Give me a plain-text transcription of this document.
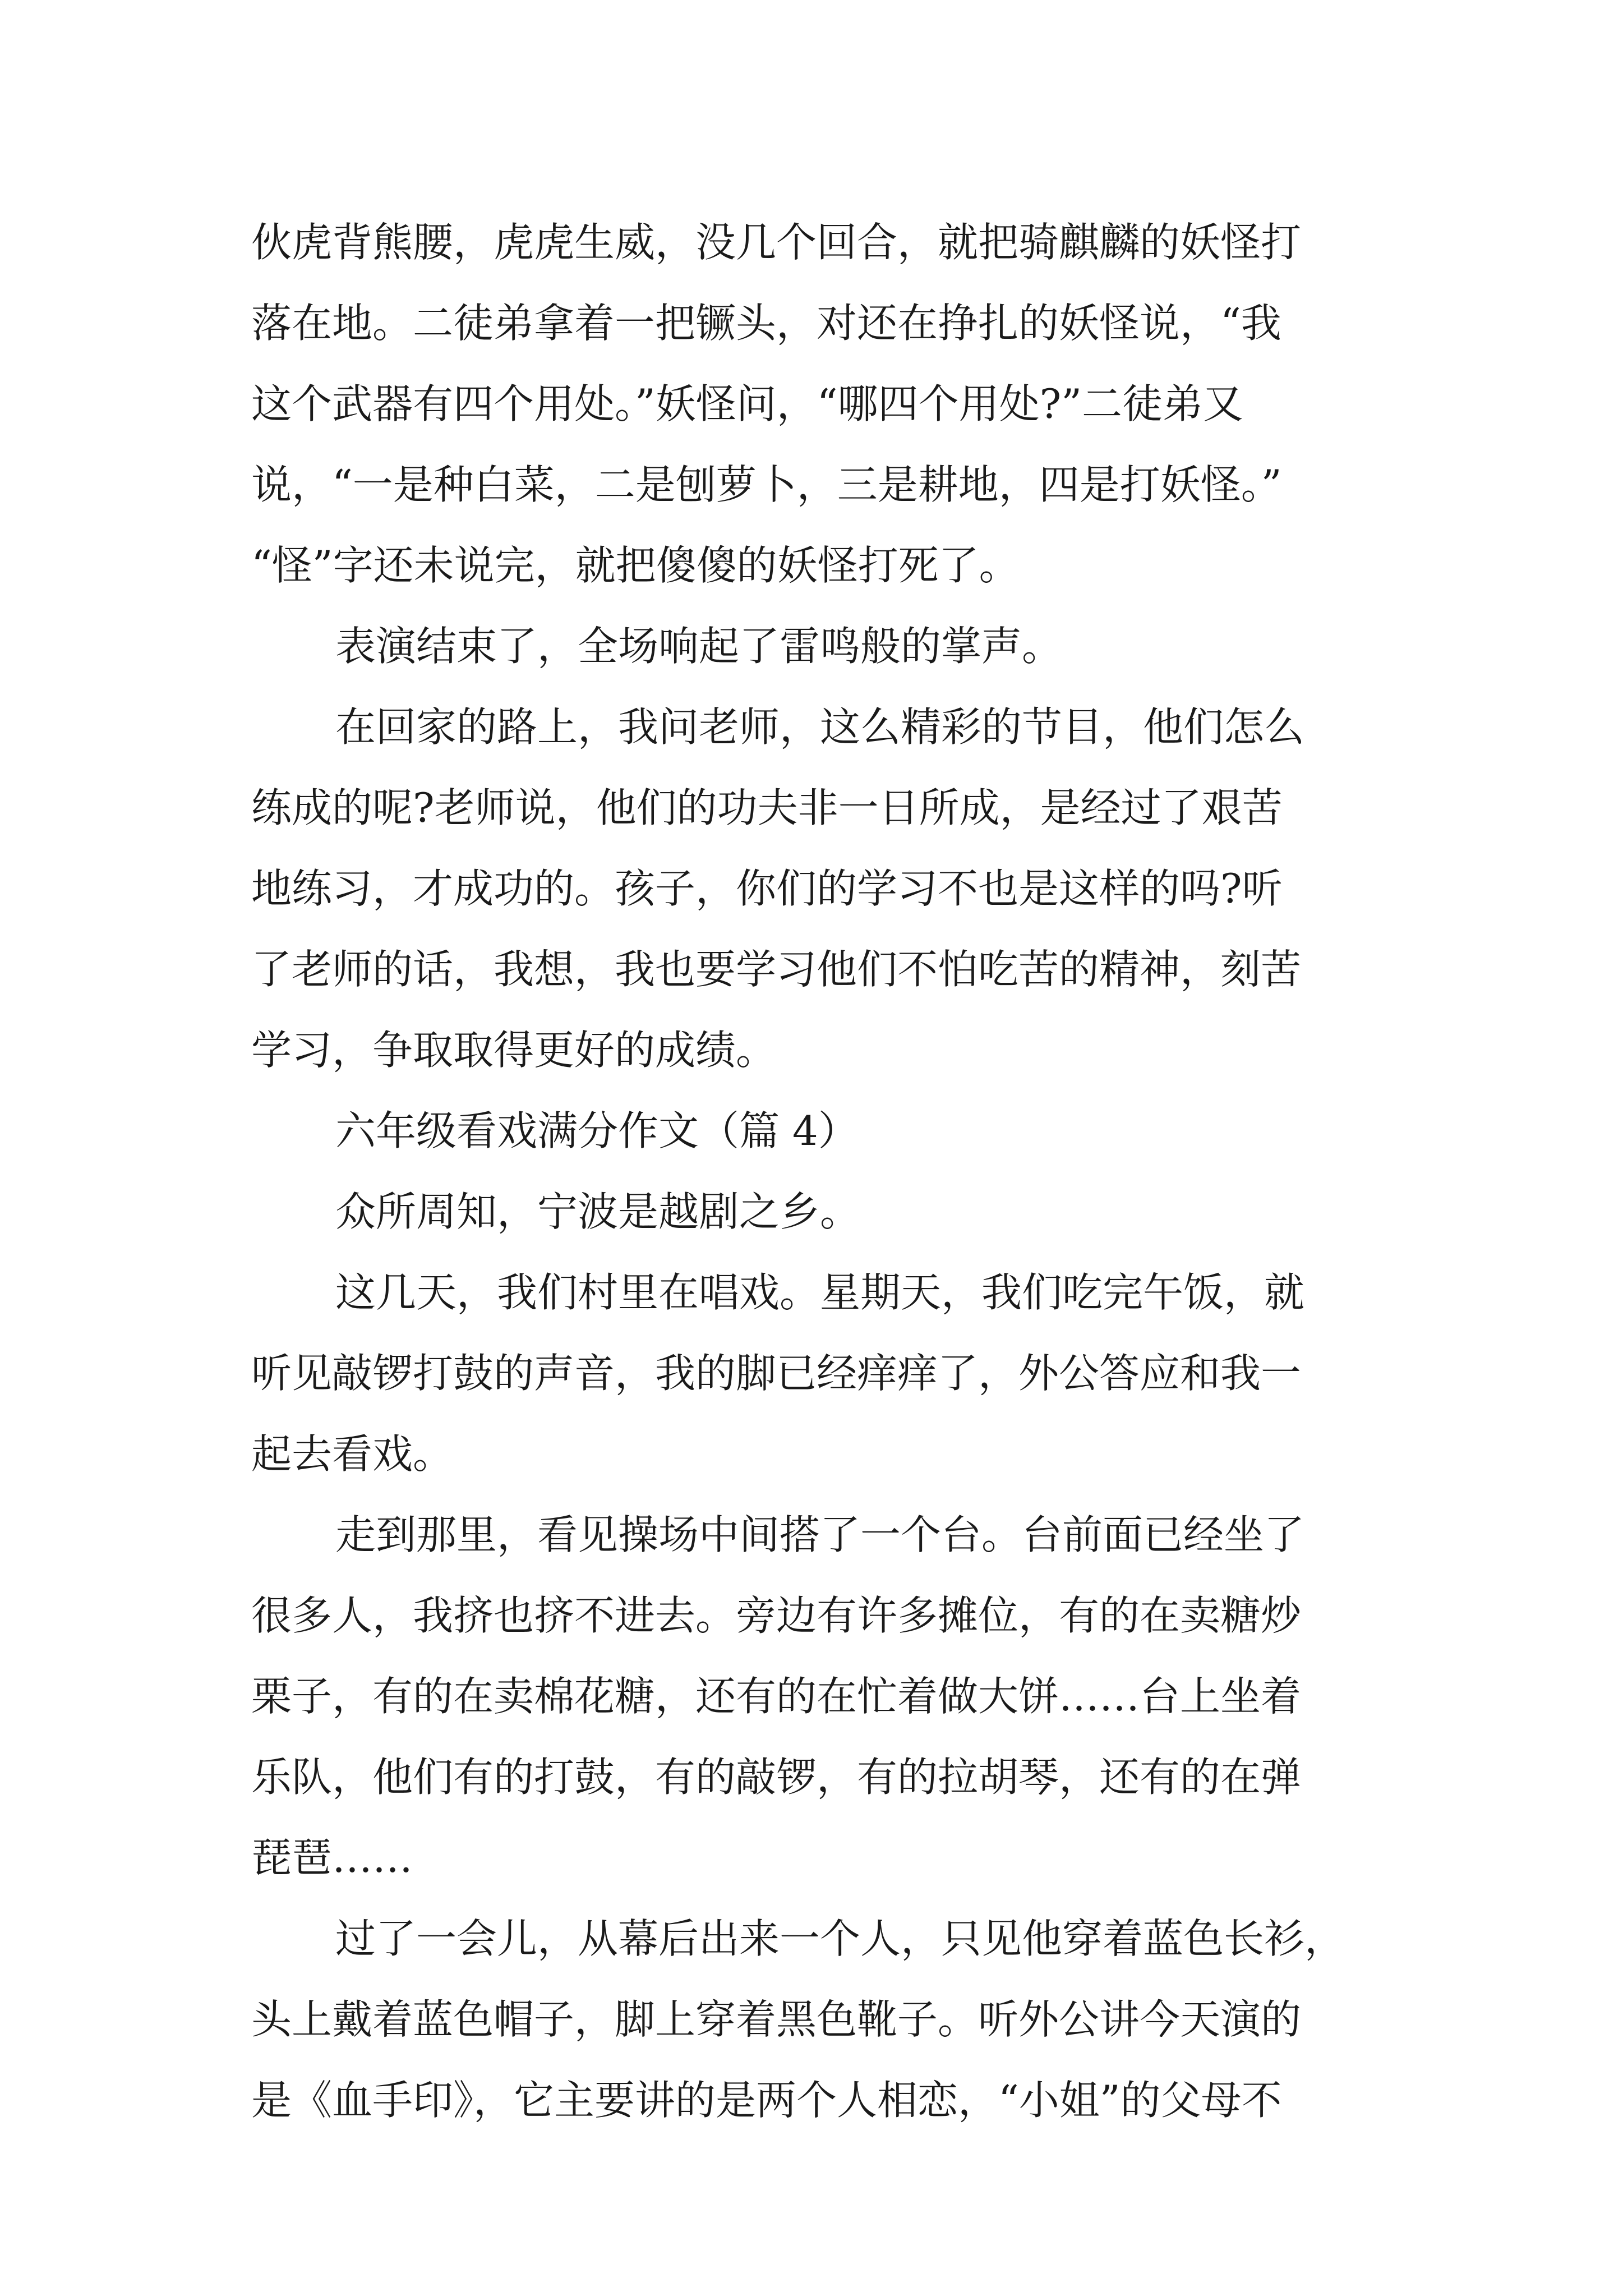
伙虎背熊腰，虎虎生威，没几个回合，就把骑麒麟的妖怪打
落在地。二徒弟拿着一把镢头，对还在挣扎的妖怪说，“我
这个武器有四个用处。”妖怪问，“哪四个用处?”二徒弟又
说，“一是种白菜，二是刨萝卜，三是耕地，四是打妖怪。”
“怪”字还未说完，就把傻傻的妖怪打死了。
表演结束了，全场响起了雷鸣般的掌声。
在回家的路上，我问老师，这么精彩的节目，他们怎么
练成的呢?老师说，他们的功夫非一日所成，是经过了艰苦
地练习，才成功的。孩子，你们的学习不也是这样的吗?听
了老师的话，我想，我也要学习他们不怕吃苦的精神，刻苦
学习，争取取得更好的成绩。
六年级看戏满分作文（篇 4）
众所周知，宁波是越剧之乡。
这几天，我们村里在唱戏。星期天，我们吃完午饭，就
听见敲锣打鼓的声音，我的脚已经痒痒了，外公答应和我一
起去看戏。
走到那里，看见操场中间搭了一个台。台前面已经坐了
很多人，我挤也挤不进去。旁边有许多摊位，有的在卖糖炒
栗子，有的在卖棉花糖，还有的在忙着做大饼……台上坐着
乐队，他们有的打鼓，有的敲锣，有的拉胡琴，还有的在弹
琵琶……
过了一会儿，从幕后出来一个人，只见他穿着蓝色长衫，
头上戴着蓝色帽子，脚上穿着黑色靴子。听外公讲今天演的
是《血手印》，它主要讲的是两个人相恋，“小姐”的父母不
